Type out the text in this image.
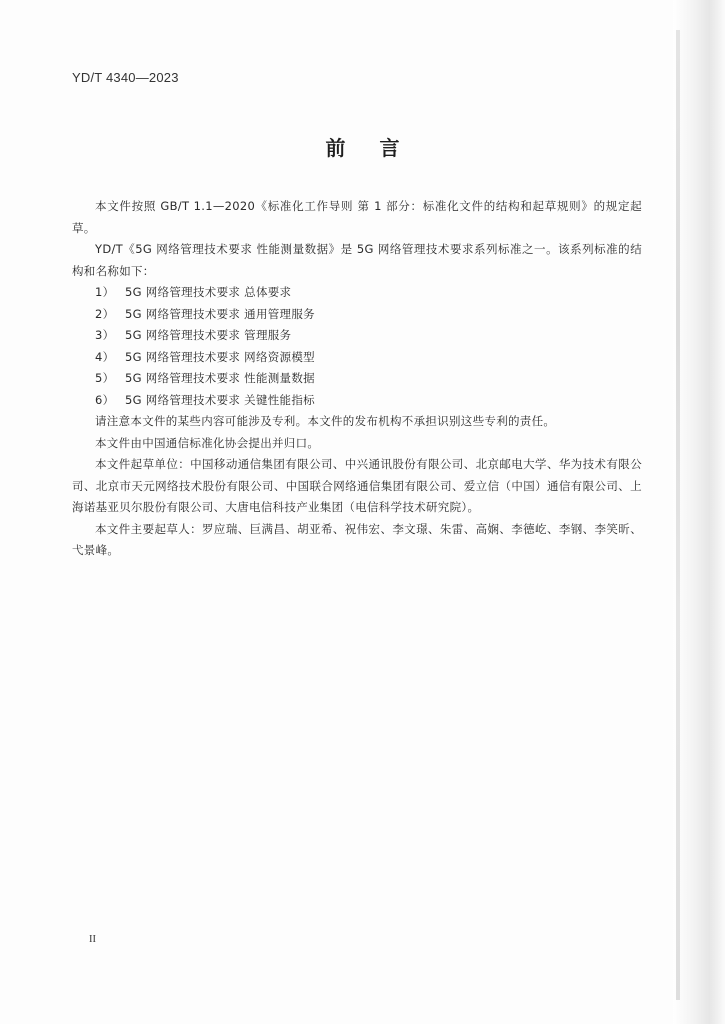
YD/T 4340—2023
前言

本文件按照 GB/T 1.1—2020《标准化工作导则 第 1 部分：标准化文件的结构和起草规则》的规定起草。

YD/T《5G 网络管理技术要求 性能测量数据》是 5G 网络管理技术要求系列标准之一。该系列标准的结构和名称如下：

1） 5G 网络管理技术要求 总体要求
2） 5G 网络管理技术要求 通用管理服务
3） 5G 网络管理技术要求 管理服务
4） 5G 网络管理技术要求 网络资源模型
5） 5G 网络管理技术要求 性能测量数据
6） 5G 网络管理技术要求 关键性能指标

请注意本文件的某些内容可能涉及专利。本文件的发布机构不承担识别这些专利的责任。

本文件由中国通信标准化协会提出并归口。

本文件起草单位：中国移动通信集团有限公司、中兴通讯股份有限公司、北京邮电大学、华为技术有限公司、北京市天元网络技术股份有限公司、中国联合网络通信集团有限公司、爱立信（中国）通信有限公司、上海诺基亚贝尔股份有限公司、大唐电信科技产业集团（电信科学技术研究院）。

本文件主要起草人：罗应瑞、巨满昌、胡亚希、祝伟宏、李文璟、朱雷、高娴、李德屹、李钢、李笑昕、弋景峰。

II
